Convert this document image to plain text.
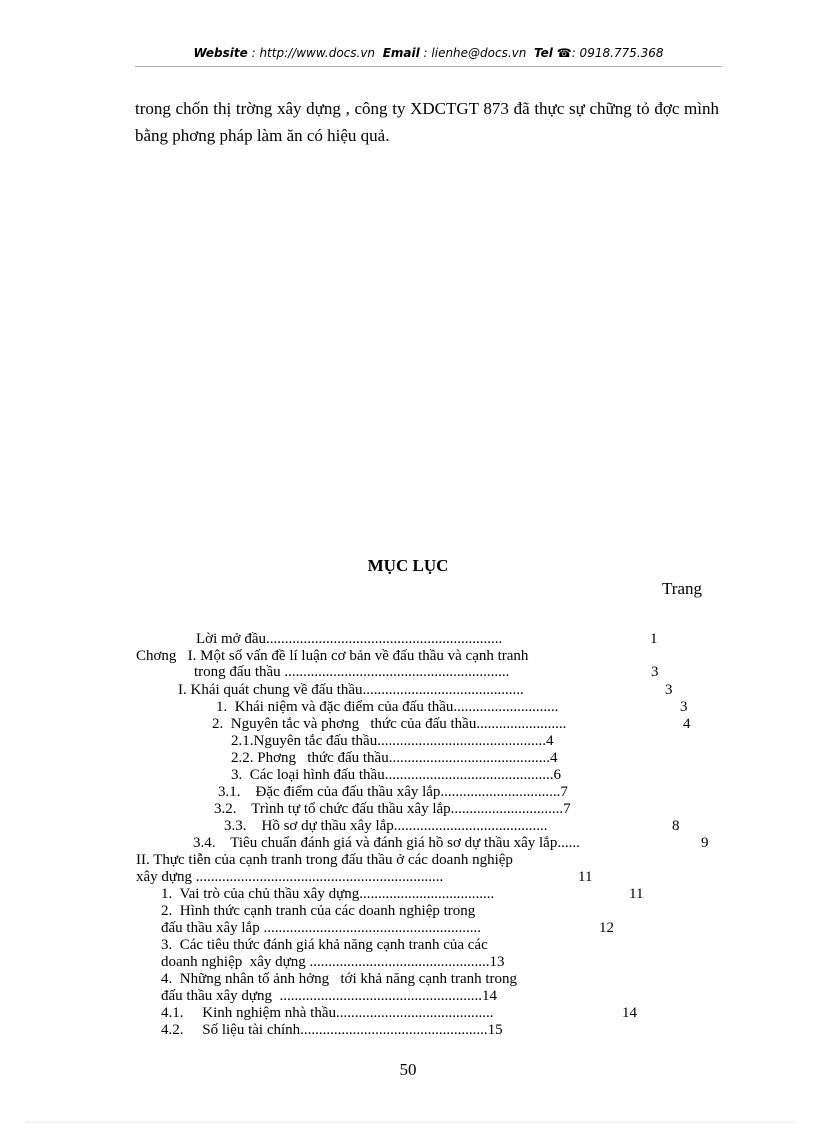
Website : http://www.docs.vn Email : lienhe@docs.vn Tel ☎: 0918.775.368
trong chốn thị trờng xây dựng , công ty XDCTGT 873 đã thực sự chững tỏ đợc mình bằng phơng pháp làm ăn có hiệu quả.
MỤC LỤC
Trang
Lời mở đầu...............................................................	1
Chơng   I. Một số vấn đề lí luận cơ bản về đấu thầu và cạnh tranh
trong đấu thầu ............................................................	3
I. Khái quát chung về đấu thầu...........................................	3
1.  Khái niệm và đặc điểm của đấu thầu............................	3
2.  Nguyên tắc và phơng   thức của đấu thầu........................	4
2.1.Nguyên tắc đấu thầu.............................................4
2.2. Phơng   thức đấu thầu...........................................4
3.  Các loại hình đấu thầu.............................................6
3.1.    Đặc điểm của đấu thầu xây lắp................................7
3.2.    Trình tự tổ chức đấu thầu xây lắp..............................7
3.3.    Hồ sơ dự thầu xây lắp.........................................	8
3.4.    Tiêu chuẩn đánh giá và đánh giá hồ sơ dự thầu xây lắp......	9
II. Thực tiễn của cạnh tranh trong đấu thầu ở các doanh nghiệp
xây dựng ..................................................................	11
1.  Vai trò của chủ thầu xây dựng....................................	11
2.  Hình thức cạnh tranh của các doanh nghiệp trong
đấu thầu xây lắp ..........................................................	12
3.  Các tiêu thức đánh giá khả năng cạnh tranh của các
doanh nghiệp  xây dựng ................................................13
4.  Những nhân tố ảnh hởng   tới khả năng cạnh tranh trong
đấu thầu xây dựng  ......................................................14
4.1.     Kinh nghiệm nhà thầu..........................................	14
4.2.     Số liệu tài chính..................................................15
50
